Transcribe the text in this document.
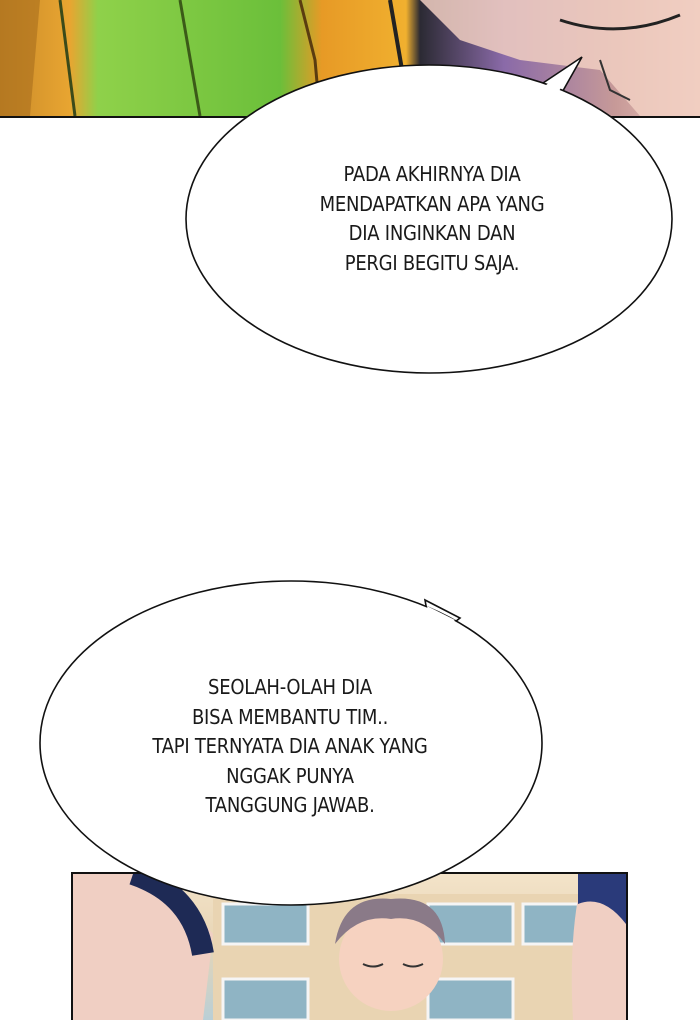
PADA AKHIRNYA DIA
MENDAPATKAN APA YANG
DIA INGINKAN DAN
PERGI BEGITU SAJA.
SEOLAH-OLAH DIA
BISA MEMBANTU TIM..
TAPI TERNYATA DIA ANAK YANG
NGGAK PUNYA
TANGGUNG JAWAB.
